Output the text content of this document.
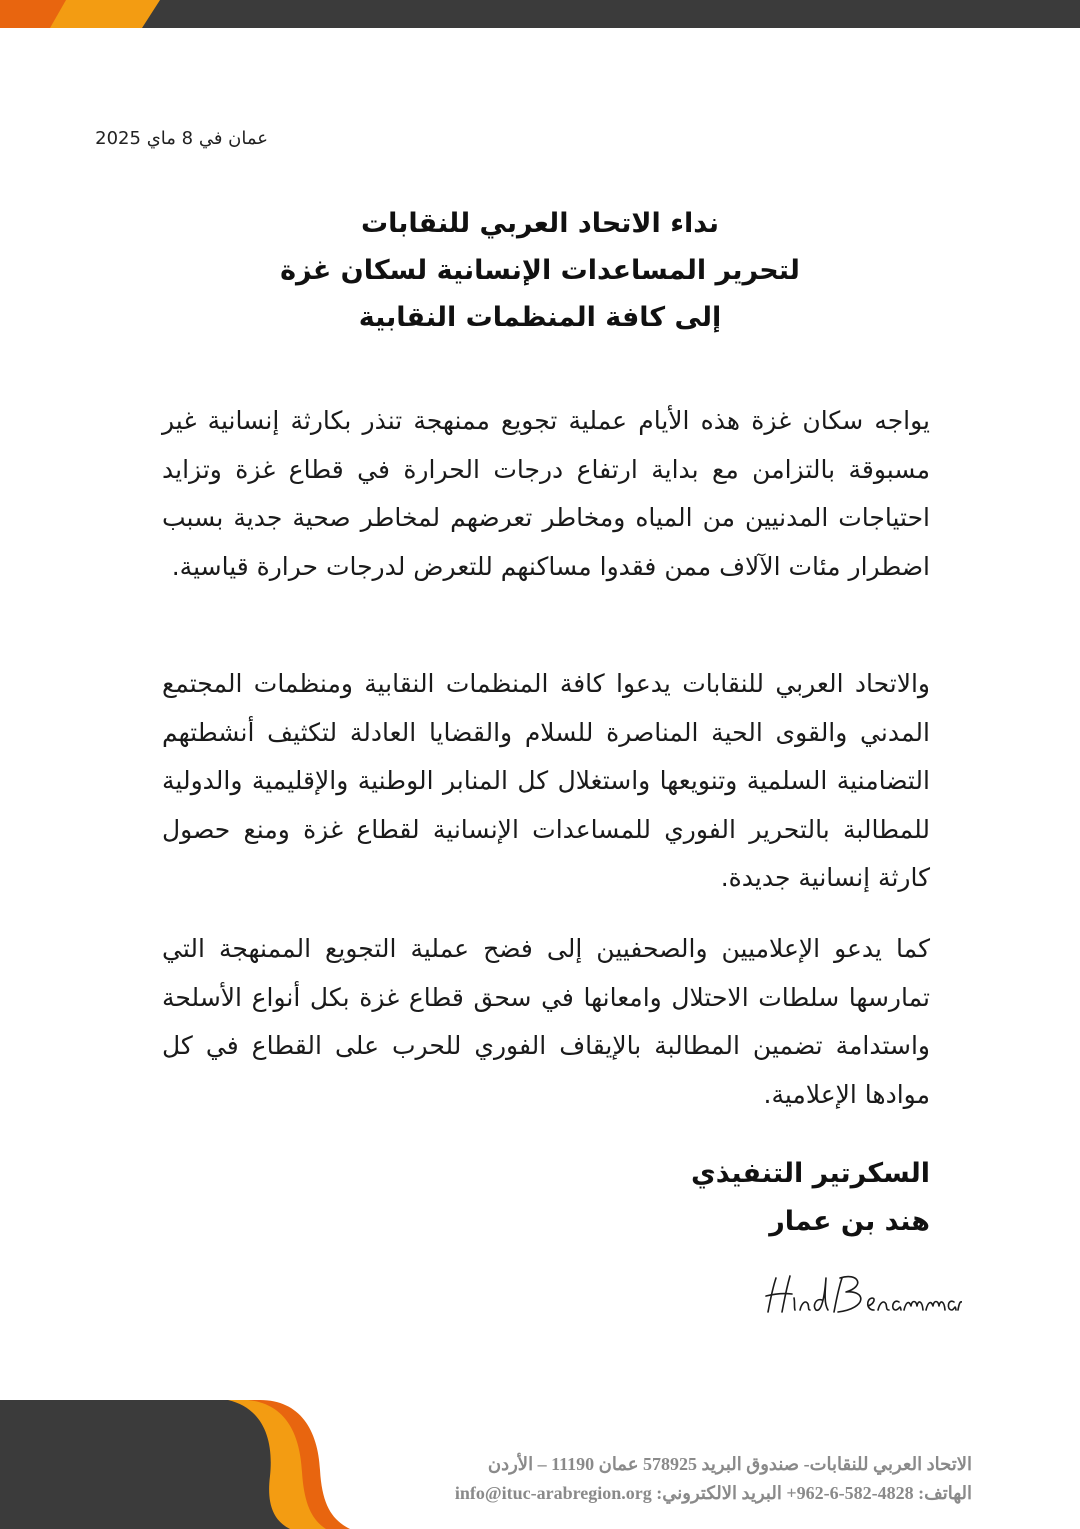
عمان في 8 ماي 2025
نداء الاتحاد العربي للنقابات
لتحرير المساعدات الإنسانية لسكان غزة
إلى كافة المنظمات النقابية

يواجه سكان غزة هذه الأيام عملية تجويع ممنهجة تنذر بكارثة إنسانية غير مسبوقة بالتزامن مع بداية ارتفاع درجات الحرارة في قطاع غزة وتزايد احتياجات المدنيين من المياه ومخاطر تعرضهم لمخاطر صحية جدية بسبب اضطرار مئات الآلاف ممن فقدوا مساكنهم للتعرض لدرجات حرارة قياسية.

والاتحاد العربي للنقابات يدعوا كافة المنظمات النقابية ومنظمات المجتمع المدني والقوى الحية المناصرة للسلام والقضايا العادلة لتكثيف أنشطتهم التضامنية السلمية وتنويعها واستغلال كل المنابر الوطنية والإقليمية والدولية للمطالبة بالتحرير الفوري للمساعدات الإنسانية لقطاع غزة ومنع حصول كارثة إنسانية جديدة.

كما يدعو الإعلاميين والصحفيين إلى فضح عملية التجويع الممنهجة التي تمارسها سلطات الاحتلال وامعانها في سحق قطاع غزة بكل أنواع الأسلحة واستدامة تضمين المطالبة بالإيقاف الفوري للحرب على القطاع في كل موادها الإعلامية.

السكرتير التنفيذي
هند بن عمار
الاتحاد العربي للنقابات- صندوق البريد 578925 عمان 11190 – الأردن
الهاتف: 4828-582-6-962+ البريد الالكتروني: info@ituc-arabregion.org
